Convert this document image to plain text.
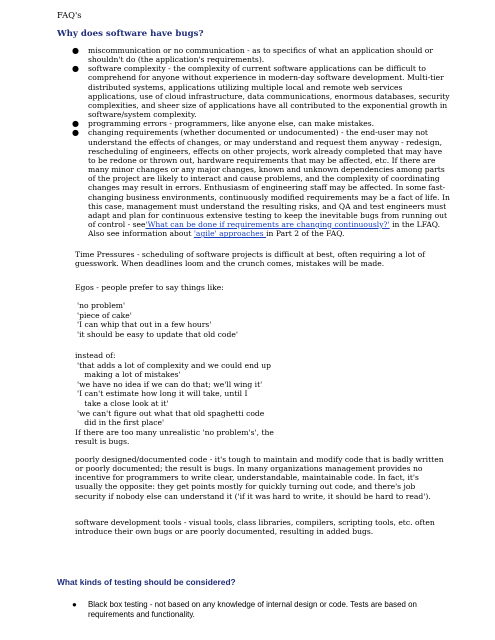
FAQ's
Why does software have bugs?
● miscommunication or no communication - as to specifics of what an application should or shouldn't do (the application's requirements).
● software complexity - the complexity of current software applications can be difficult to comprehend for anyone without experience in modern-day software development. Multi-tier distributed systems, applications utilizing multiple local and remote web services applications, use of cloud infrastructure, data communications, enormous databases, security complexities, and sheer size of applications have all contributed to the exponential growth in software/system complexity.
● programming errors - programmers, like anyone else, can make mistakes.
● changing requirements (whether documented or undocumented) - the end-user may not understand the effects of changes, or may understand and request them anyway - redesign, rescheduling of engineers, effects on other projects, work already completed that may have to be redone or thrown out, hardware requirements that may be affected, etc. If there are many minor changes or any major changes, known and unknown dependencies among parts of the project are likely to interact and cause problems, and the complexity of coordinating changes may result in errors. Enthusiasm of engineering staff may be affected. In some fast-changing business environments, continuously modified requirements may be a fact of life. In this case, management must understand the resulting risks, and QA and test engineers must adapt and plan for continuous extensive testing to keep the inevitable bugs from running out of control - see'What can be done if requirements are changing continuously?' in the LFAQ. Also see information about 'agile' approaches in Part 2 of the FAQ.

Time Pressures - scheduling of software projects is difficult at best, often requiring a lot of guesswork. When deadlines loom and the crunch comes, mistakes will be made.

Egos - people prefer to say things like:

'no problem'
'piece of cake'
'I can whip that out in a few hours'
'it should be easy to update that old code'
instead of:
'that adds a lot of complexity and we could end up
making a lot of mistakes'
'we have no idea if we can do that; we'll wing it'
'I can't estimate how long it will take, until I
take a close look at it'
'we can't figure out what that old spaghetti code
did in the first place'
If there are too many unrealistic 'no problem's', the
result is bugs.

poorly designed/documented code - it's tough to maintain and modify code that is badly written or poorly documented; the result is bugs. In many organizations management provides no incentive for programmers to write clear, understandable, maintainable code. In fact, it's usually the opposite: they get points mostly for quickly turning out code, and there's job security if nobody else can understand it ('if it was hard to write, it should be hard to read').

software development tools - visual tools, class libraries, compilers, scripting tools, etc. often introduce their own bugs or are poorly documented, resulting in added bugs.

What kinds of testing should be considered?
● Black box testing - not based on any knowledge of internal design or code. Tests are based on requirements and functionality.
